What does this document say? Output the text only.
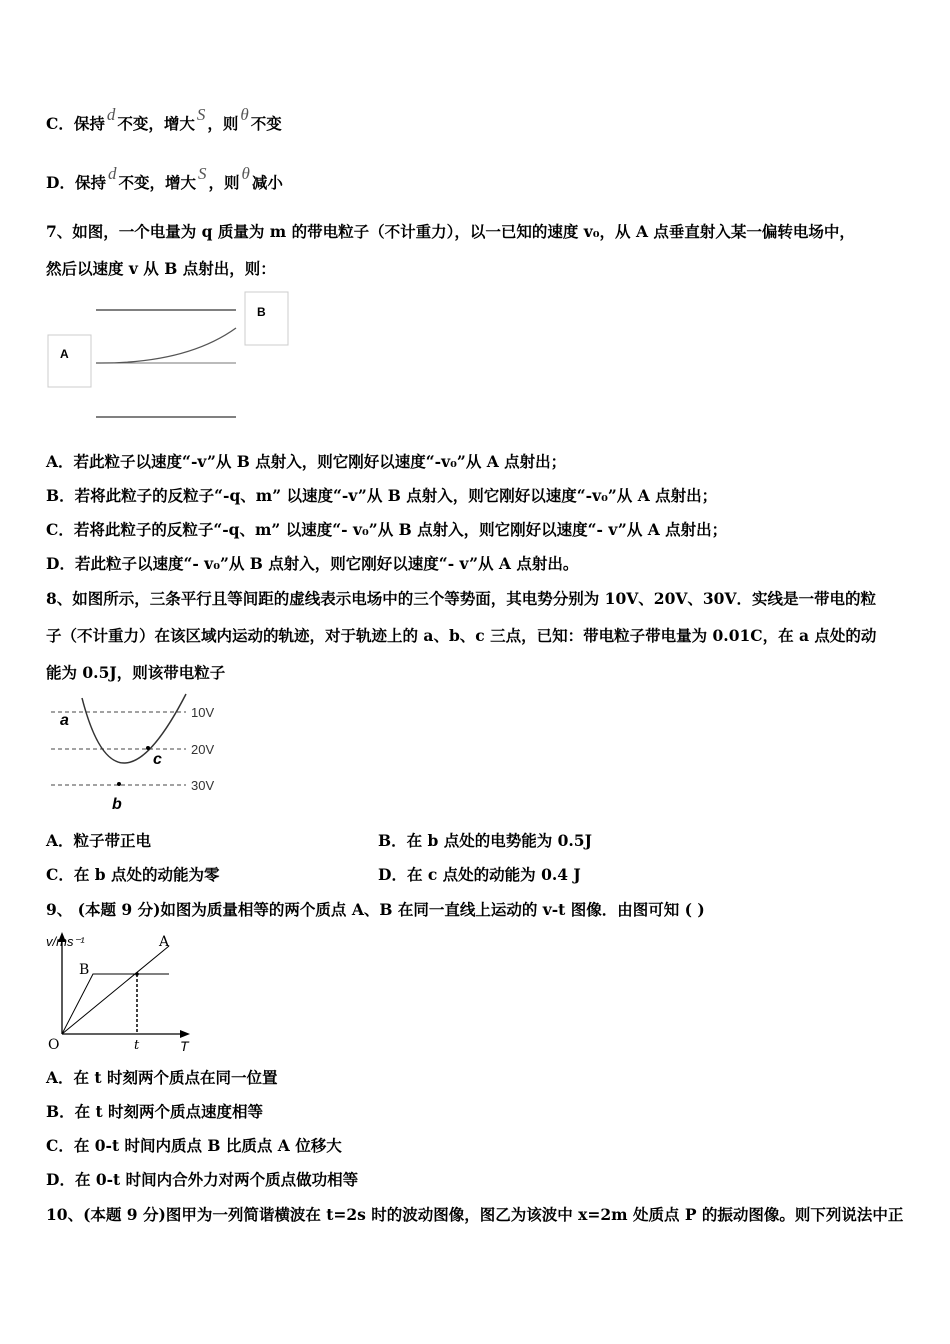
C．保持 d 不变，增大 S ，则 θ 不变
D．保持 d 不变，增大 S ，则 θ 减小
7、如图，一个电量为 q 质量为 m 的带电粒子（不计重力），以一已知的速度 v₀，从 A 点垂直射入某一偏转电场中，
然后以速度 v 从 B 点射出，则：
A
B
A．若此粒子以速度“-v”从 B 点射入，则它刚好以速度“-v₀”从 A 点射出；
B．若将此粒子的反粒子“-q、m” 以速度“-v”从 B 点射入，则它刚好以速度“-v₀”从 A 点射出；
C．若将此粒子的反粒子“-q、m” 以速度“- v₀”从 B 点射入，则它刚好以速度“- v”从 A 点射出；
D．若此粒子以速度“- v₀”从 B 点射入，则它刚好以速度“- v”从 A 点射出。
8、如图所示，三条平行且等间距的虚线表示电场中的三个等势面，其电势分别为 10V、20V、30V．实线是一带电的粒
子（不计重力）在该区域内运动的轨迹，对于轨迹上的 a、b、c 三点，已知：带电粒子带电量为 0.01C，在 a 点处的动
能为 0.5J，则该带电粒子
10V
20V
30V
a
b
c
A．粒子带正电	B．在 b 点处的电势能为 0.5J
C．在 b 点处的动能为零	D．在 c 点处的动能为 0.4 J
9、 (本题 9 分)如图为质量相等的两个质点 A、B 在同一直线上运动的 v-t 图像．由图可知 ( )
v/ms⁻¹
T
O	t
A
B
A．在 t 时刻两个质点在同一位置
B．在 t 时刻两个质点速度相等
C．在 0-t 时间内质点 B 比质点 A 位移大
D．在 0-t 时间内合外力对两个质点做功相等
10、(本题 9 分)图甲为一列简谐横波在 t=2s 时的波动图像，图乙为该波中 x=2m 处质点 P 的振动图像。则下列说法中正
